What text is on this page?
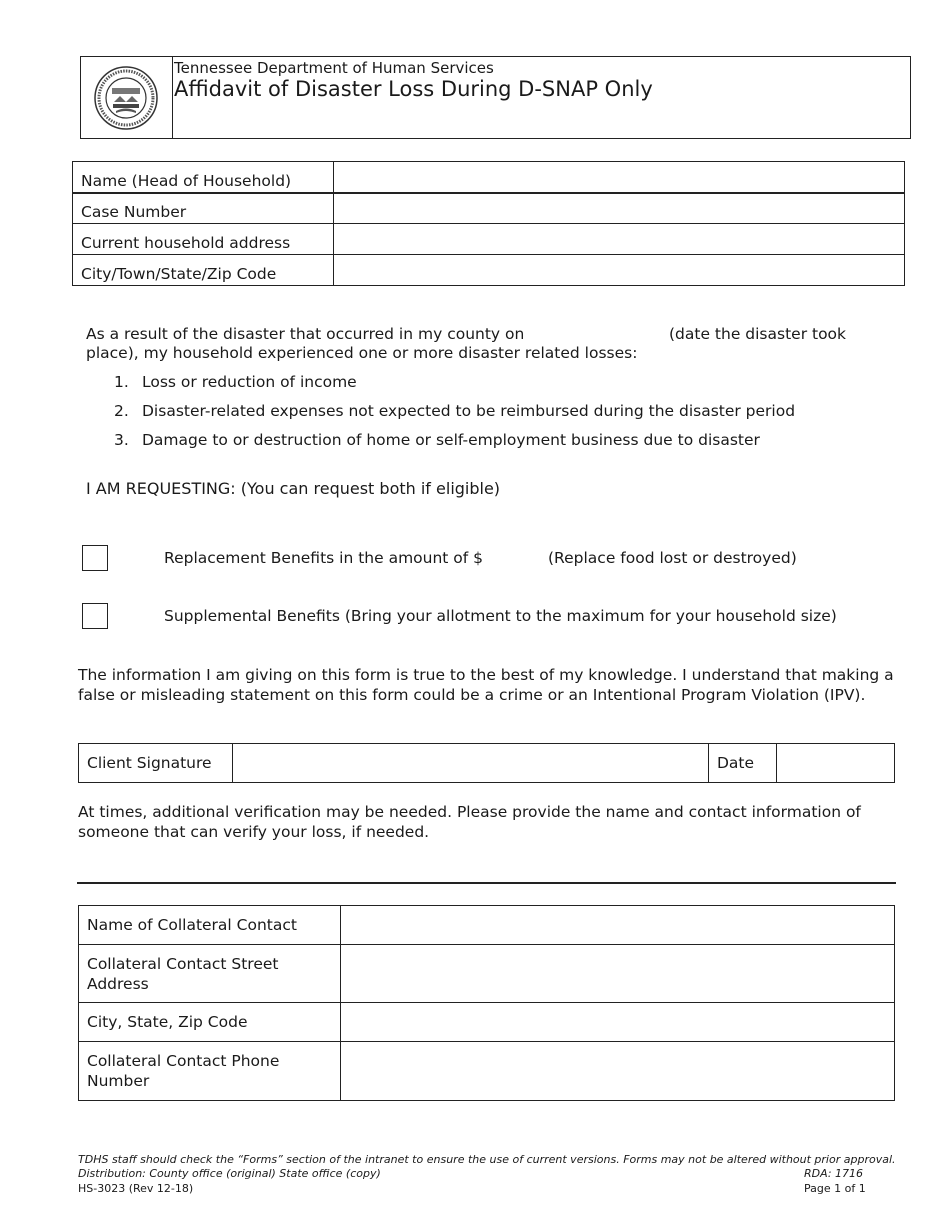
Tennessee Department of Human Services
Affidavit of Disaster Loss During D-SNAP Only
Name (Head of Household)	
Case Number	
Current household address	
City/Town/State/Zip Code	
As a result of the disaster that occurred in my county on	(date the disaster took
place), my household experienced one or more disaster related losses:
1. Loss or reduction of income
2. Disaster-related expenses not expected to be reimbursed during the disaster period
3. Damage to or destruction of home or self-employment business due to disaster
I AM REQUESTING: (You can request both if eligible)
Replacement Benefits in the amount of $	(Replace food lost or destroyed)
Supplemental Benefits (Bring your allotment to the maximum for your household size)
The information I am giving on this form is true to the best of my knowledge. I understand that making a
false or misleading statement on this form could be a crime or an Intentional Program Violation (IPV).
Client Signature		Date	
At times, additional verification may be needed. Please provide the name and contact information of
someone that can verify your loss, if needed.
Name of Collateral Contact	
Collateral Contact Street Address	
City, State, Zip Code	
Collateral Contact Phone Number	
TDHS staff should check the “Forms” section of the intranet to ensure the use of current versions. Forms may not be altered without prior approval.
Distribution: County office (original) State office (copy)	RDA: 1716
HS-3023 (Rev 12-18)	Page 1 of 1
